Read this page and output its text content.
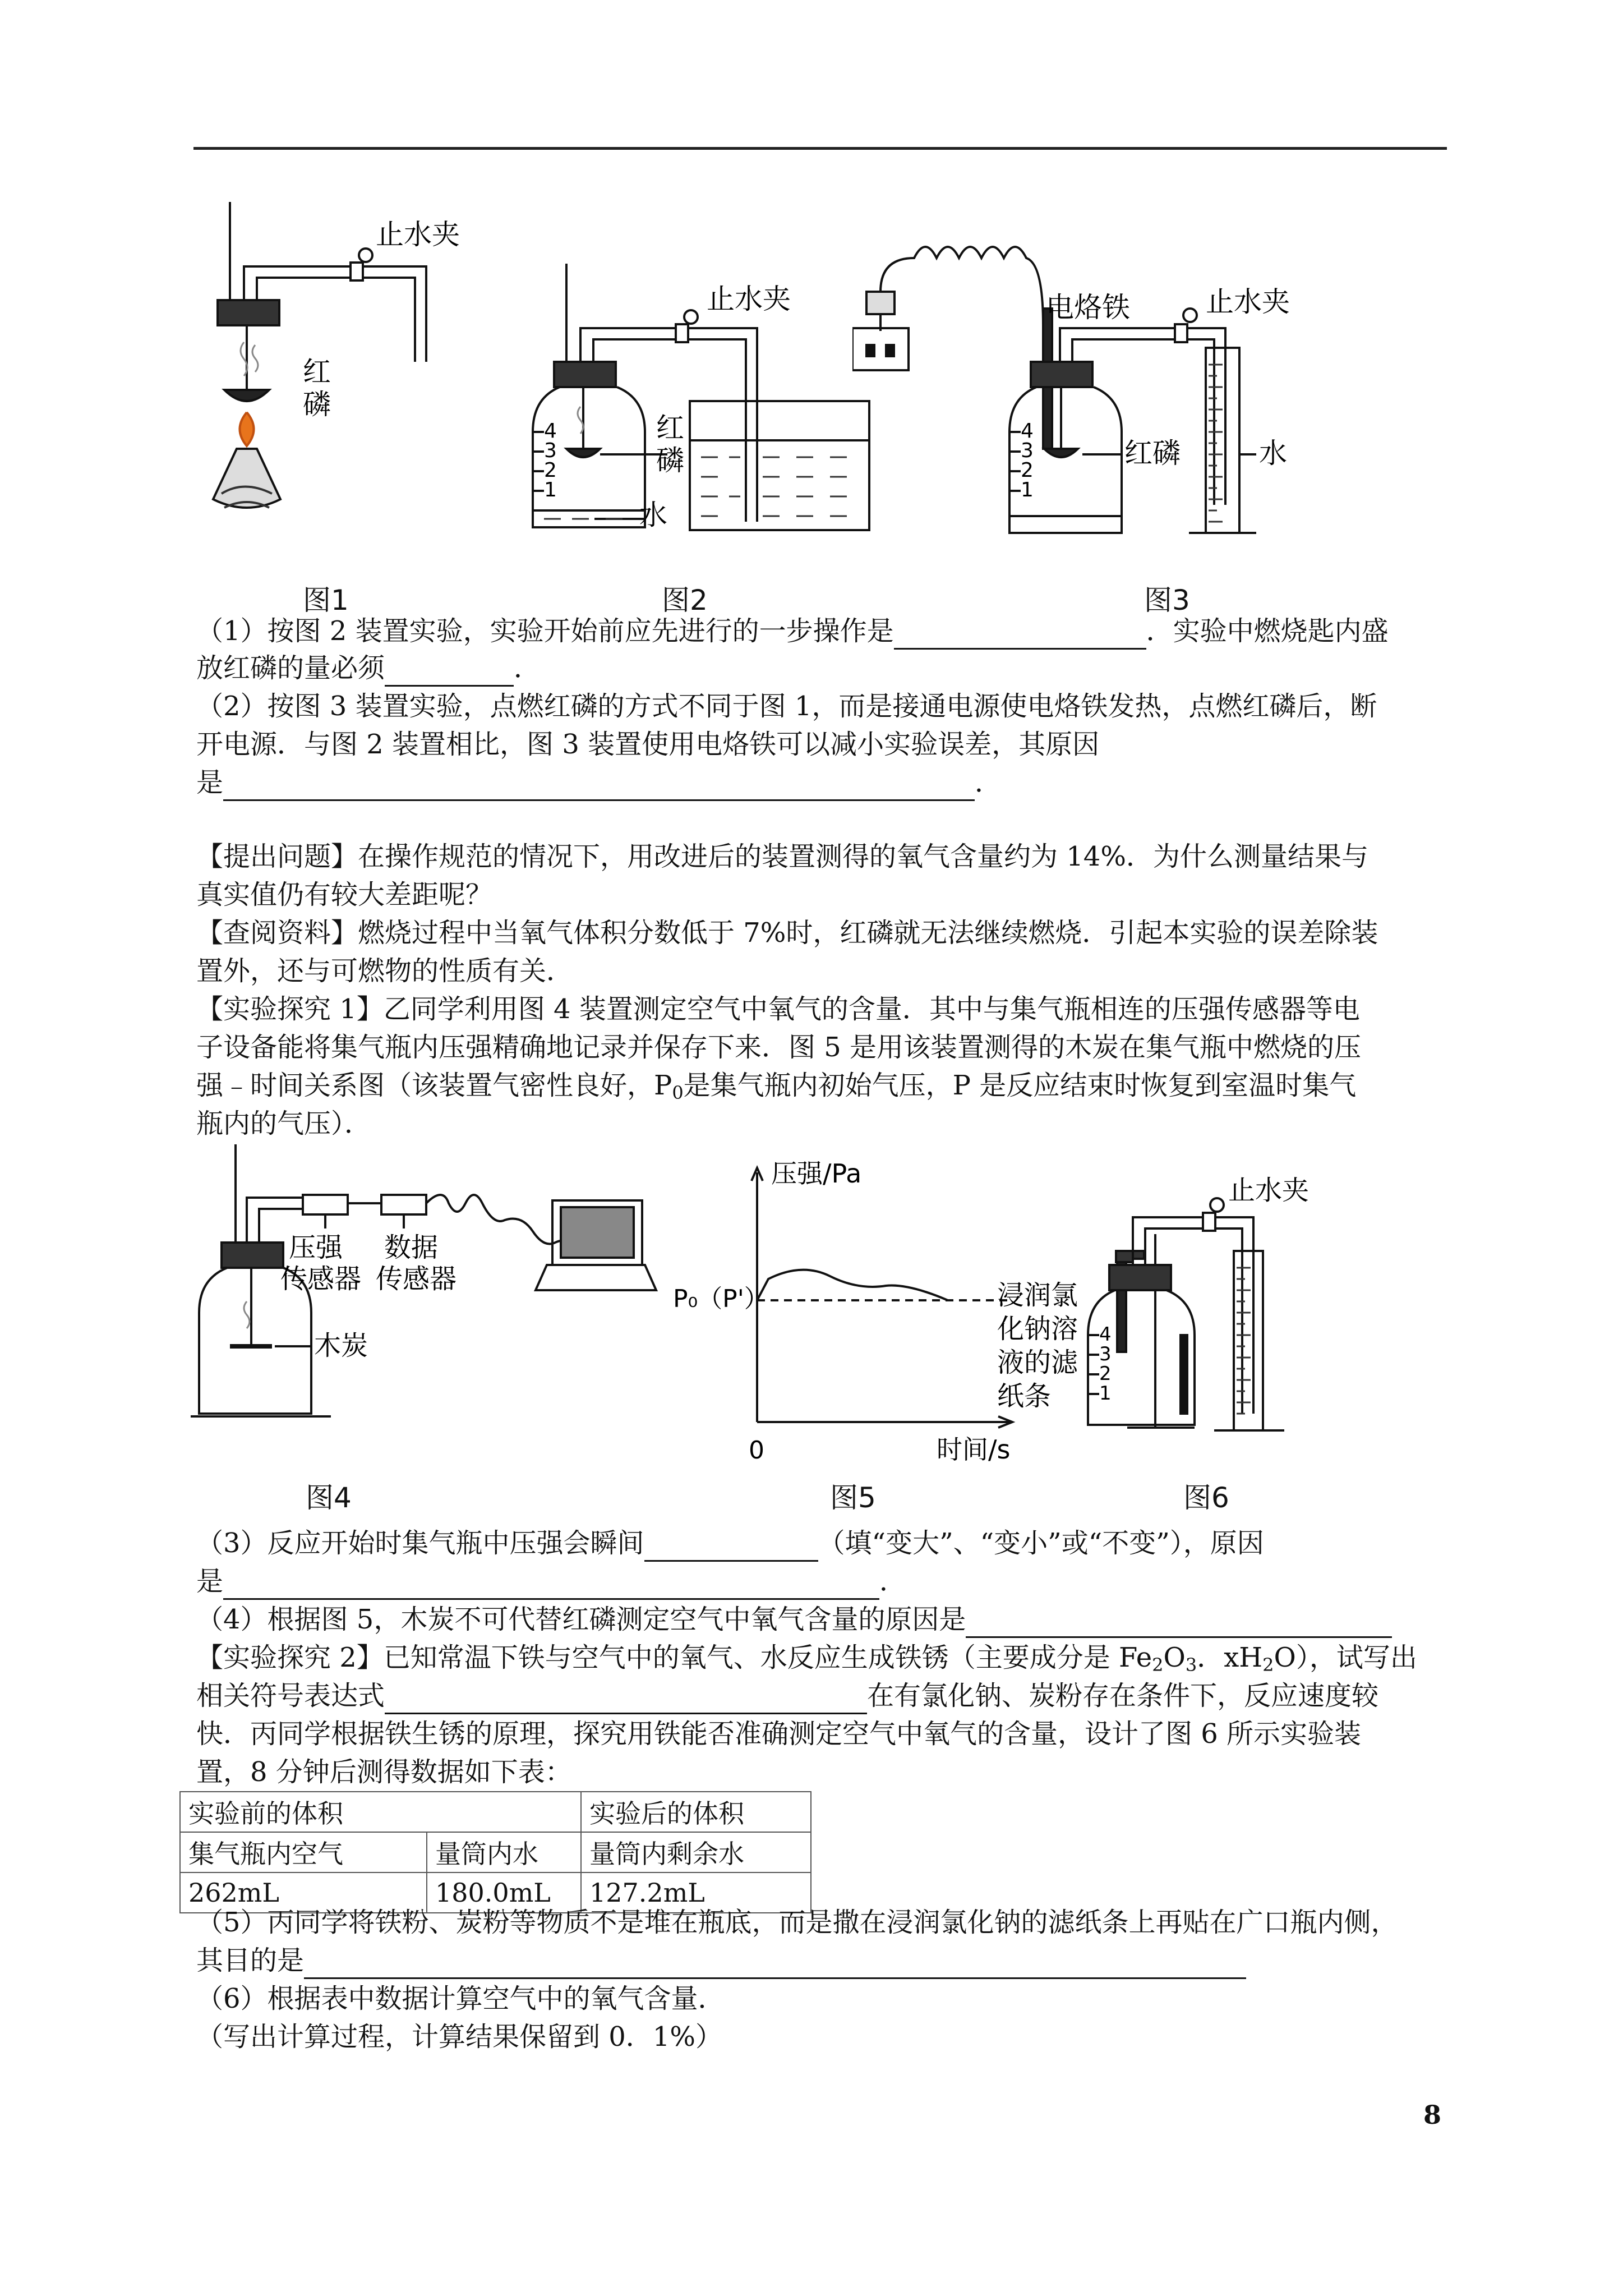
止水夹
红
磷
图1
4
3
2
1
止水夹
红
磷
水
图2
4
3
2
1
电烙铁	止水夹
红磷	水
图3
（1）按图 2 装置实验，实验开始前应先进行的一步操作是	．实验中燃烧匙内盛
放红磷的量必须	．
（2）按图 3 装置实验，点燃红磷的方式不同于图 1，而是接通电源使电烙铁发热，点燃红磷后，断
开电源．与图 2 装置相比，图 3 装置使用电烙铁可以减小实验误差，其原因
是	．
【提出问题】在操作规范的情况下，用改进后的装置测得的氧气含量约为 14%．为什么测量结果与
真实值仍有较大差距呢？
【查阅资料】燃烧过程中当氧气体积分数低于 7%时，红磷就无法继续燃烧．引起本实验的误差除装
置外，还与可燃物的性质有关．
【实验探究 1】乙同学利用图 4 装置测定空气中氧气的含量．其中与集气瓶相连的压强传感器等电
子设备能将集气瓶内压强精确地记录并保存下来．图 5 是用该装置测得的木炭在集气瓶中燃烧的压
强﹣时间关系图（该装置气密性良好，$P_0$是集气瓶内初始气压，P 是反应结束时恢复到室温时集气
瓶内的气压）．
压强
传感器
数据
传感器
木炭
图4
压强/Pa
P₀（P'）
0	时间/s
图5
4
3
2
1
止水夹
浸润氯
化钠溶
液的滤
纸条
图6
（3）反应开始时集气瓶中压强会瞬间	（填“变大”、“变小”或“不变”），原因
是	．
（4）根据图 5，木炭不可代替红磷测定空气中氧气含量的原因是
【实验探究 2】已知常温下铁与空气中的氧气、水反应生成铁锈（主要成分是 $Fe_2O_3$．$xH_2O$），试写出
相关符号表达式	在有氯化钠、炭粉存在条件下，反应速度较
快．丙同学根据铁生锈的原理，探究用铁能否准确测定空气中氧气的含量，设计了图 6 所示实验装
置，8 分钟后测得数据如下表：
实验前的体积		实验后的体积
集气瓶内空气	量筒内水	量筒内剩余水
262mL	180.0mL	127.2mL
（5）丙同学将铁粉、炭粉等物质不是堆在瓶底，而是撒在浸润氯化钠的滤纸条上再贴在广口瓶内侧，
其目的是
（6）根据表中数据计算空气中的氧气含量．
（写出计算过程，计算结果保留到 0．1%）
8
